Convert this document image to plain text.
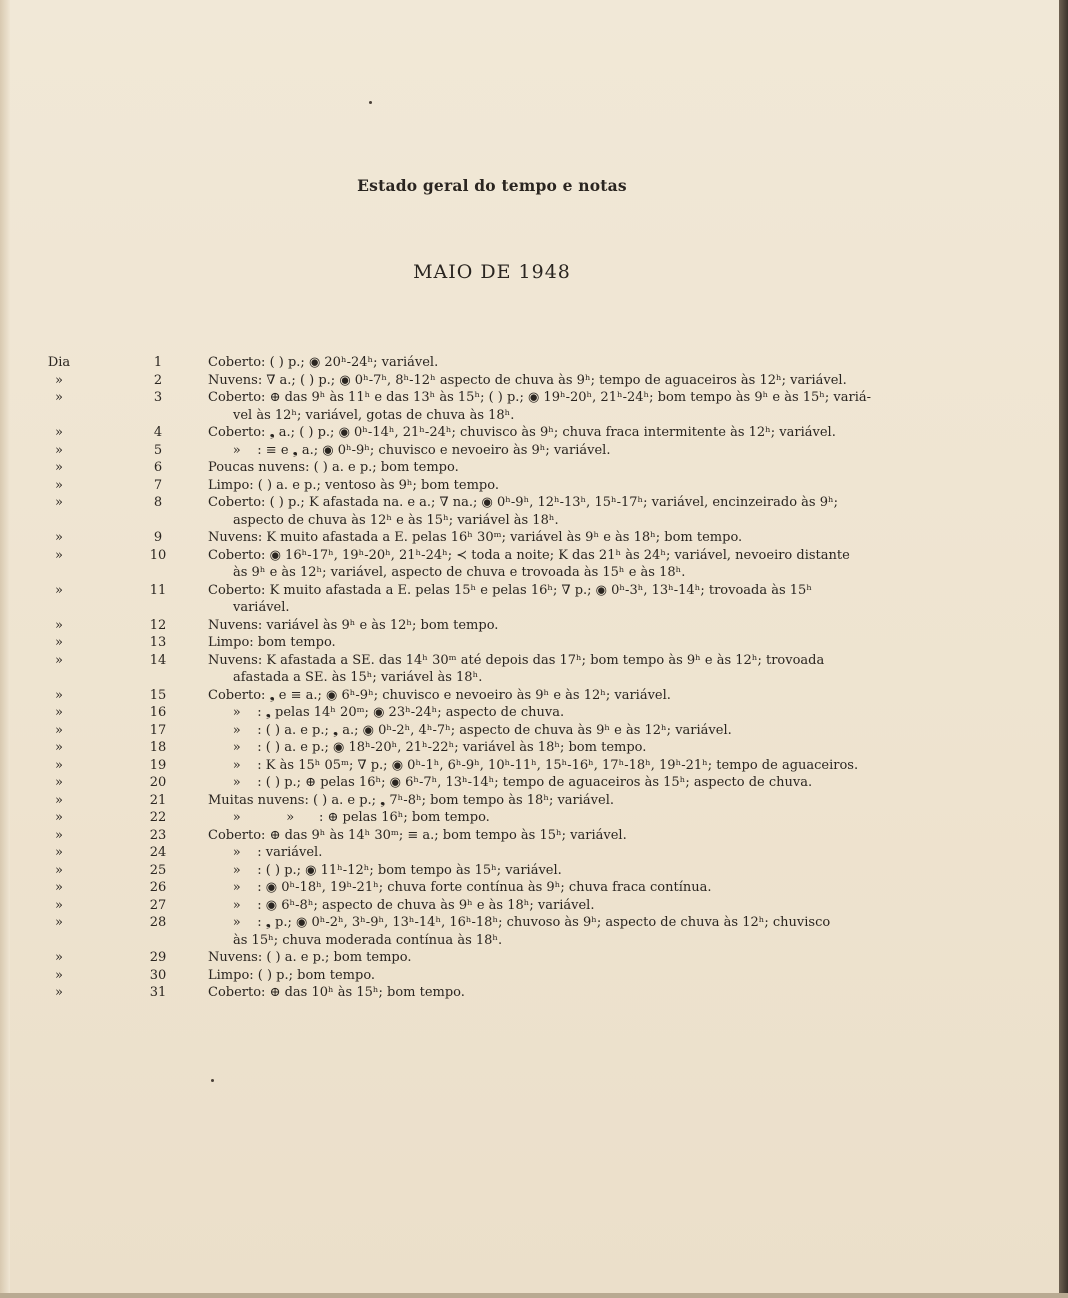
Estado geral do tempo e notas
MAIO DE 1948
Dia	1	Coberto: ( ) p.; ◉ 20ʰ-24ʰ; variável.
»	2	Nuvens: ∇ a.; ( ) p.; ◉ 0ʰ-7ʰ, 8ʰ-12ʰ aspecto de chuva às 9ʰ; tempo de aguaceiros às 12ʰ; variável.
»	3	Coberto: ⊕ das 9ʰ às 11ʰ e das 13ʰ às 15ʰ; ( ) p.; ◉ 19ʰ-20ʰ, 21ʰ-24ʰ; bom tempo às 9ʰ e às 15ʰ; variá-
vel às 12ʰ; variável, gotas de chuva às 18ʰ.
»	4	Coberto: ❟ a.; ( ) p.; ◉ 0ʰ-14ʰ, 21ʰ-24ʰ; chuvisco às 9ʰ; chuva fraca intermitente às 12ʰ; variável.
»	5	»    : ≡ e ❟ a.; ◉ 0ʰ-9ʰ; chuvisco e nevoeiro às 9ʰ; variável.
»	6	Poucas nuvens: ( ) a. e p.; bom tempo.
»	7	Limpo: ( ) a. e p.; ventoso às 9ʰ; bom tempo.
»	8	Coberto: ( ) p.; K afastada na. e a.; ∇ na.; ◉ 0ʰ-9ʰ, 12ʰ-13ʰ, 15ʰ-17ʰ; variável, encinzeirado às 9ʰ;
aspecto de chuva às 12ʰ e às 15ʰ; variável às 18ʰ.
»	9	Nuvens: K muito afastada a E. pelas 16ʰ 30ᵐ; variável às 9ʰ e às 18ʰ; bom tempo.
»	10	Coberto: ◉ 16ʰ-17ʰ, 19ʰ-20ʰ, 21ʰ-24ʰ; ≺ toda a noite; K das 21ʰ às 24ʰ; variável, nevoeiro distante
às 9ʰ e às 12ʰ; variável, aspecto de chuva e trovoada às 15ʰ e às 18ʰ.
»	11	Coberto: K muito afastada a E. pelas 15ʰ e pelas 16ʰ; ∇ p.; ◉ 0ʰ-3ʰ, 13ʰ-14ʰ; trovoada às 15ʰ
variável.
»	12	Nuvens: variável às 9ʰ e às 12ʰ; bom tempo.
»	13	Limpo: bom tempo.
»	14	Nuvens: K afastada a SE. das 14ʰ 30ᵐ até depois das 17ʰ; bom tempo às 9ʰ e às 12ʰ; trovoada
afastada a SE. às 15ʰ; variável às 18ʰ.
»	15	Coberto: ❟ e ≡ a.; ◉ 6ʰ-9ʰ; chuvisco e nevoeiro às 9ʰ e às 12ʰ; variável.
»	16	»    : ❟ pelas 14ʰ 20ᵐ; ◉ 23ʰ-24ʰ; aspecto de chuva.
»	17	»    : ( ) a. e p.; ❟ a.; ◉ 0ʰ-2ʰ, 4ʰ-7ʰ; aspecto de chuva às 9ʰ e às 12ʰ; variável.
»	18	»    : ( ) a. e p.; ◉ 18ʰ-20ʰ, 21ʰ-22ʰ; variável às 18ʰ; bom tempo.
»	19	»    : K às 15ʰ 05ᵐ; ∇ p.; ◉ 0ʰ-1ʰ, 6ʰ-9ʰ, 10ʰ-11ʰ, 15ʰ-16ʰ, 17ʰ-18ʰ, 19ʰ-21ʰ; tempo de aguaceiros.
»	20	»    : ( ) p.; ⊕ pelas 16ʰ; ◉ 6ʰ-7ʰ, 13ʰ-14ʰ; tempo de aguaceiros às 15ʰ; aspecto de chuva.
»	21	Muitas nuvens: ( ) a. e p.; ❟ 7ʰ-8ʰ; bom tempo às 18ʰ; variável.
»	22	»           »      : ⊕ pelas 16ʰ; bom tempo.
»	23	Coberto: ⊕ das 9ʰ às 14ʰ 30ᵐ; ≡ a.; bom tempo às 15ʰ; variável.
»	24	»    : variável.
»	25	»    : ( ) p.; ◉ 11ʰ-12ʰ; bom tempo às 15ʰ; variável.
»	26	»    : ◉ 0ʰ-18ʰ, 19ʰ-21ʰ; chuva forte contínua às 9ʰ; chuva fraca contínua.
»	27	»    : ◉ 6ʰ-8ʰ; aspecto de chuva às 9ʰ e às 18ʰ; variável.
»	28	»    : ❟ p.; ◉ 0ʰ-2ʰ, 3ʰ-9ʰ, 13ʰ-14ʰ, 16ʰ-18ʰ; chuvoso às 9ʰ; aspecto de chuva às 12ʰ; chuvisco
às 15ʰ; chuva moderada contínua às 18ʰ.
»	29	Nuvens: ( ) a. e p.; bom tempo.
»	30	Limpo: ( ) p.; bom tempo.
»	31	Coberto: ⊕ das 10ʰ às 15ʰ; bom tempo.
